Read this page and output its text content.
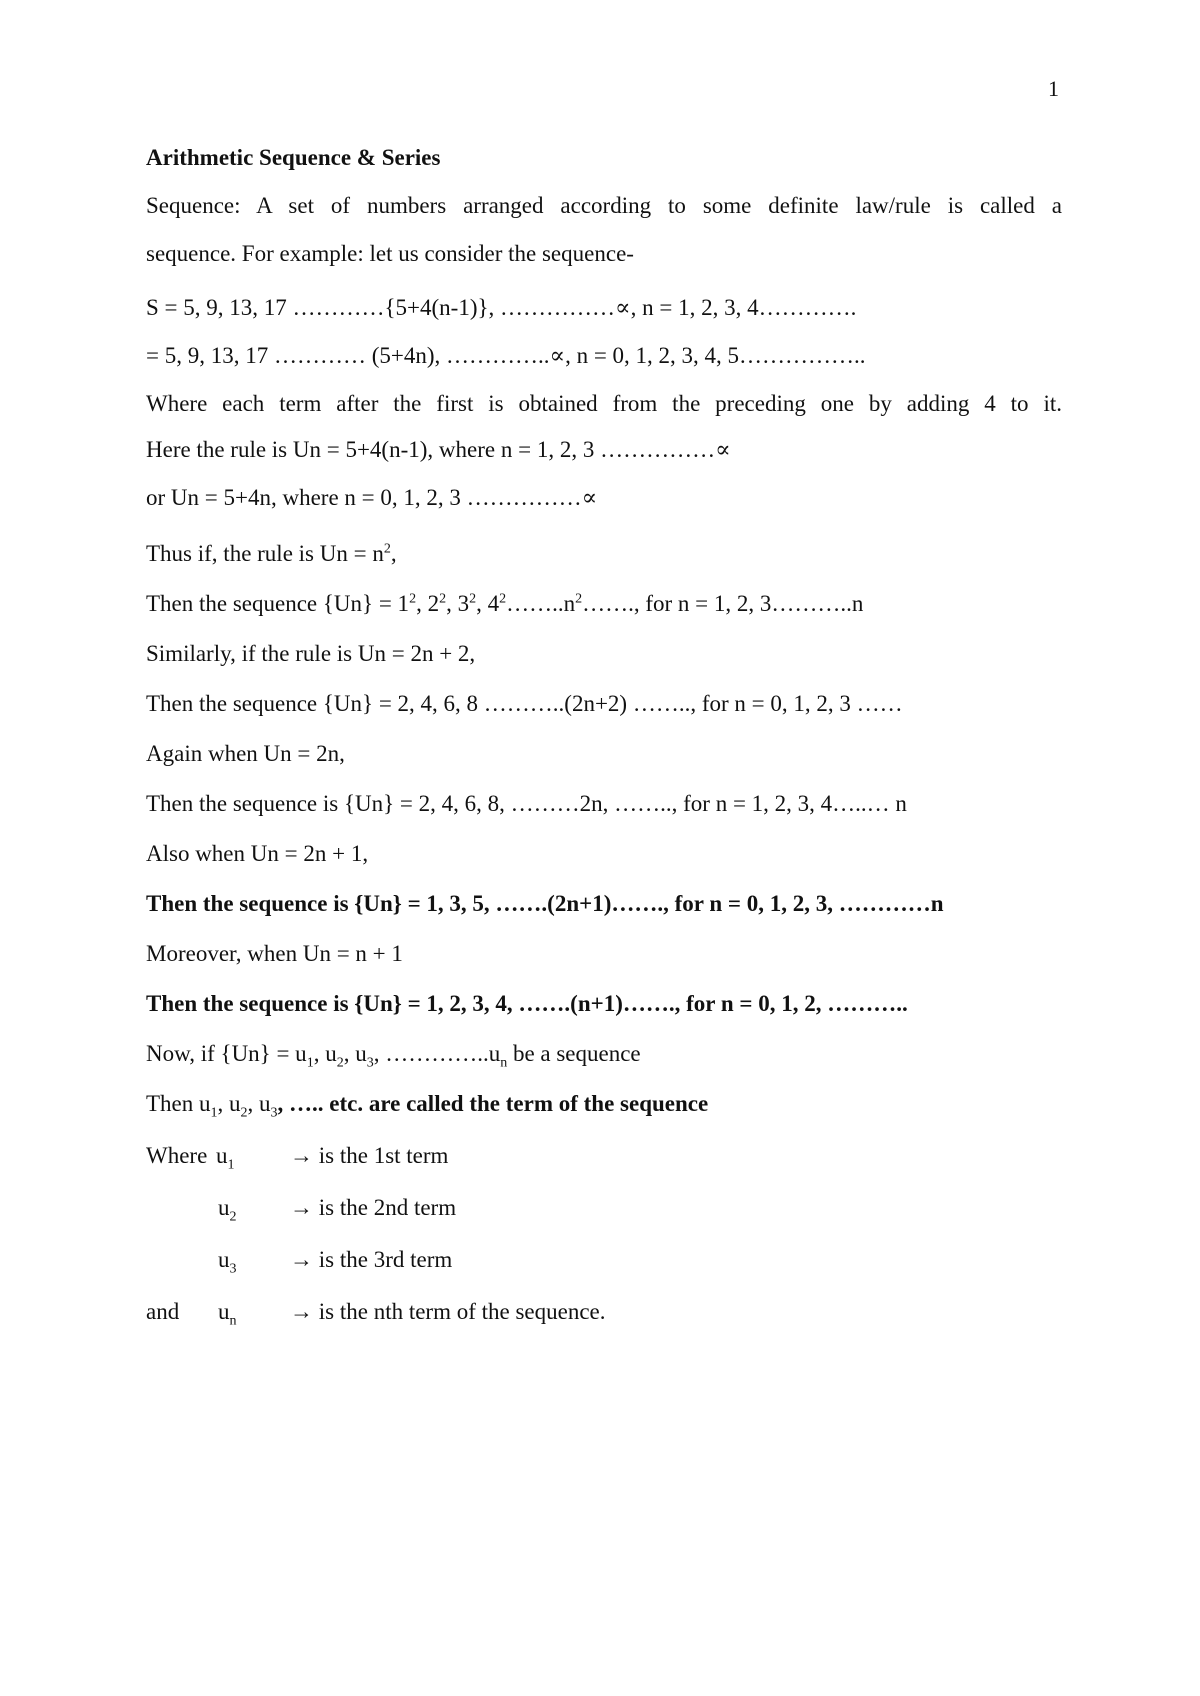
1
Arithmetic Sequence & Series
Sequence: A set of numbers arranged according to some definite law/rule is called a
sequence. For example: let us consider the sequence-
S = 5, 9, 13, 17 …………{5+4(n-1)}, ……………∝, n = 1, 2, 3, 4………….
= 5, 9, 13, 17 ………… (5+4n), …………..∝, n = 0, 1, 2, 3, 4, 5……………..
Where each term after the first is obtained from the preceding one by adding 4 to it.
Here the rule is Un = 5+4(n-1), where n = 1, 2, 3 ……………∝
or Un = 5+4n, where n = 0, 1, 2, 3 ……………∝
Thus if, the rule is $Un = n^2$,
Then the sequence $\{Un\} = 1^2$, $2^2$, $3^2$, $4^2\dots\dots..n^2\dots\dots$., for n = 1, 2, 3………..n
Similarly, if the rule is Un = 2n + 2,
Then the sequence {Un} = 2, 4, 6, 8 ………..(2n+2) …….., for n = 0, 1, 2, 3 ……
Again when Un = 2n,
Then the sequence is {Un} = 2, 4, 6, 8, ………2n, …….., for n = 1, 2, 3, 4…..… n
Also when Un = 2n + 1,
Then the sequence is {Un} = 1, 3, 5, …….(2n+1)……., for n = 0, 1, 2, 3, …………n
Moreover, when Un = n + 1
Then the sequence is {Un} = 1, 2, 3, 4, …….(n+1)……., for n = 0, 1, 2, ………..
Now, if $\{Un\} = u_1$, $u_2$, $u_3$, $\dots\dots\dots\dots..u_n$ be a sequence
Then $u_1$, $u_2$, $u_3$, ….. etc. are called the term of the sequence
Where $u_1$ → is the 1st term
$u_2$ → is the 2nd term
$u_3$ → is the 3rd term
and $u_n$ → is the nth term of the sequence.
